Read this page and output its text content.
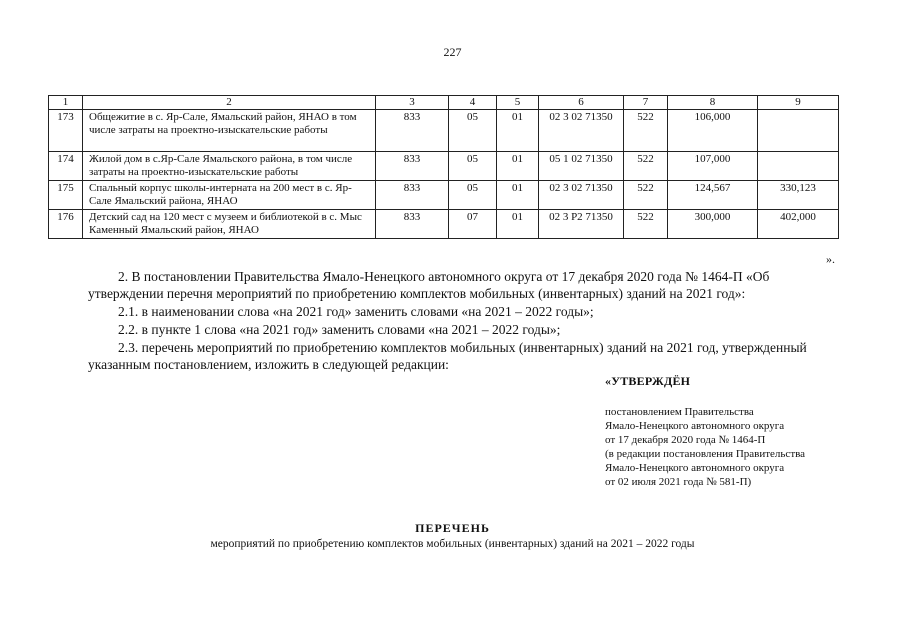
227
1	2	3	4	5	6	7	8	9
173	Общежитие в с. Яр-Сале, Ямальский район, ЯНАО в том числе затраты на проектно-изыскательские работы	833	05	01	02 3 02 71350	522	106,000	
174	Жилой дом в с.Яр-Сале Ямальского района, в том числе затраты на проектно-изыскательские работы	833	05	01	05 1 02 71350	522	107,000	
175	Спальный корпус школы-интерната на 200 мест в с. Яр-Сале Ямальский района, ЯНАО	833	05	01	02 3 02 71350	522	124,567	330,123
176	Детский сад на 120 мест с музеем и библиотекой в с. Мыс Каменный Ямальский район, ЯНАО	833	07	01	02 3 P2 71350	522	300,000	402,000
».
2. В постановлении Правительства Ямало-Ненецкого автономного округа от 17 декабря 2020 года № 1464-П «Об утверждении перечня мероприятий по приобретению комплектов мобильных (инвентарных) зданий на 2021 год»:
2.1. в наименовании слова «на 2021 год» заменить словами «на 2021 – 2022 годы»;
2.2. в пункте 1 слова «на 2021 год» заменить словами «на 2021 – 2022 годы»;
2.3. перечень мероприятий по приобретению комплектов мобильных (инвентарных) зданий на 2021 год, утвержденный указанным постановлением, изложить в следующей редакции:
«УТВЕРЖДЁН
постановлением Правительства
Ямало-Ненецкого автономного округа
от 17 декабря 2020 года № 1464-П
(в редакции постановления Правительства
Ямало-Ненецкого автономного округа
от 02 июля 2021 года № 581-П)
ПЕРЕЧЕНЬ
мероприятий по приобретению комплектов мобильных (инвентарных) зданий на 2021 – 2022 годы
